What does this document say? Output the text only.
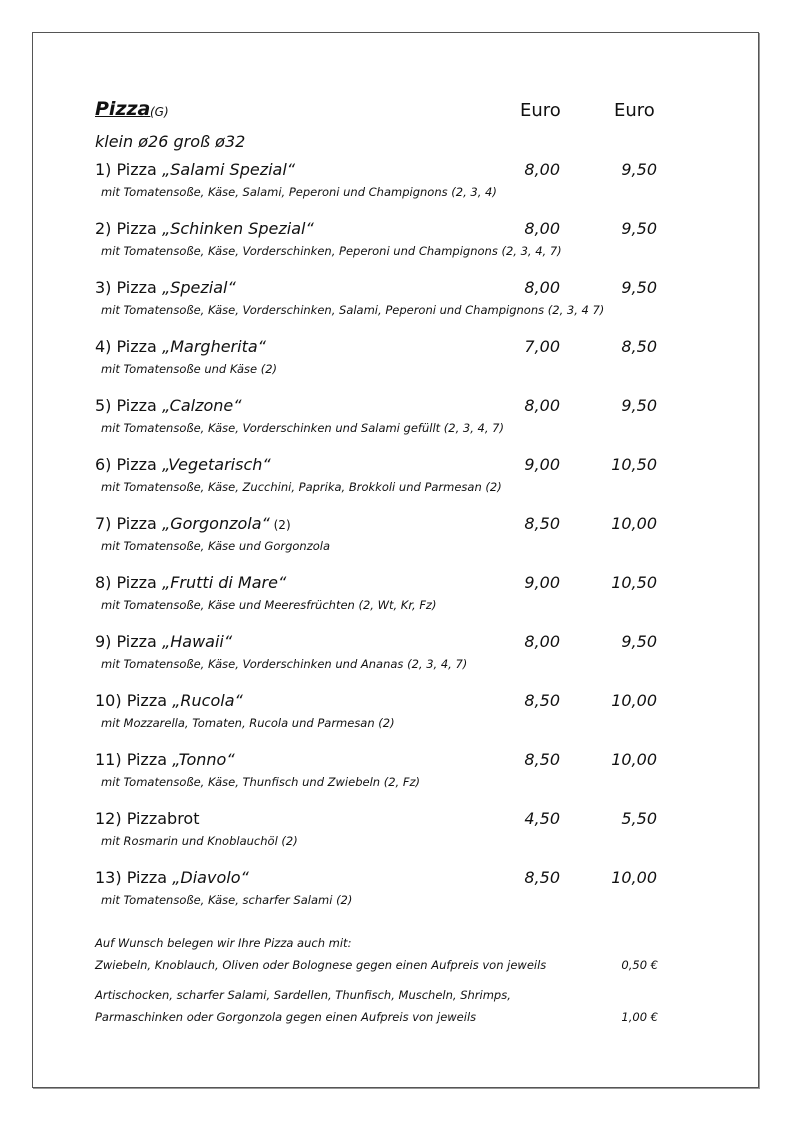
Pizza (G)	Euro	Euro
klein ø26 groß ø32
1) Pizza „Salami Spezial“	8,00	9,50
mit Tomatensoße, Käse, Salami, Peperoni und Champignons (2, 3, 4)
2) Pizza „Schinken Spezial“	8,00	9,50
mit Tomatensoße, Käse, Vorderschinken, Peperoni und Champignons (2, 3, 4, 7)
3) Pizza „Spezial“	8,00	9,50
mit Tomatensoße, Käse, Vorderschinken, Salami, Peperoni und Champignons (2, 3, 4 7)
4) Pizza „Margherita“	7,00	8,50
mit Tomatensoße und Käse (2)
5) Pizza „Calzone“	8,00	9,50
mit Tomatensoße, Käse, Vorderschinken und Salami gefüllt (2, 3, 4, 7)
6) Pizza „Vegetarisch“	9,00	10,50
mit Tomatensoße, Käse, Zucchini, Paprika, Brokkoli und Parmesan (2)
7) Pizza „Gorgonzola“ (2)	8,50	10,00
mit Tomatensoße, Käse und Gorgonzola
8) Pizza „Frutti di Mare“	9,00	10,50
mit Tomatensoße, Käse und Meeresfrüchten (2, Wt, Kr, Fz)
9) Pizza „Hawaii“	8,00	9,50
mit Tomatensoße, Käse, Vorderschinken und Ananas (2, 3, 4, 7)
10) Pizza „Rucola“	8,50	10,00
mit Mozzarella, Tomaten, Rucola und Parmesan (2)
11) Pizza „Tonno“	8,50	10,00
mit Tomatensoße, Käse, Thunfisch und Zwiebeln (2, Fz)
12) Pizzabrot	4,50	5,50
mit Rosmarin und Knoblauchöl (2)
13) Pizza „Diavolo“	8,50	10,00
mit Tomatensoße, Käse, scharfer Salami (2)
Auf Wunsch belegen wir Ihre Pizza auch mit:
Zwiebeln, Knoblauch, Oliven oder Bolognese gegen einen Aufpreis von jeweils	0,50 €
Artischocken, scharfer Salami, Sardellen, Thunfisch, Muscheln, Shrimps,
Parmaschinken oder Gorgonzola gegen einen Aufpreis von jeweils	1,00 €
